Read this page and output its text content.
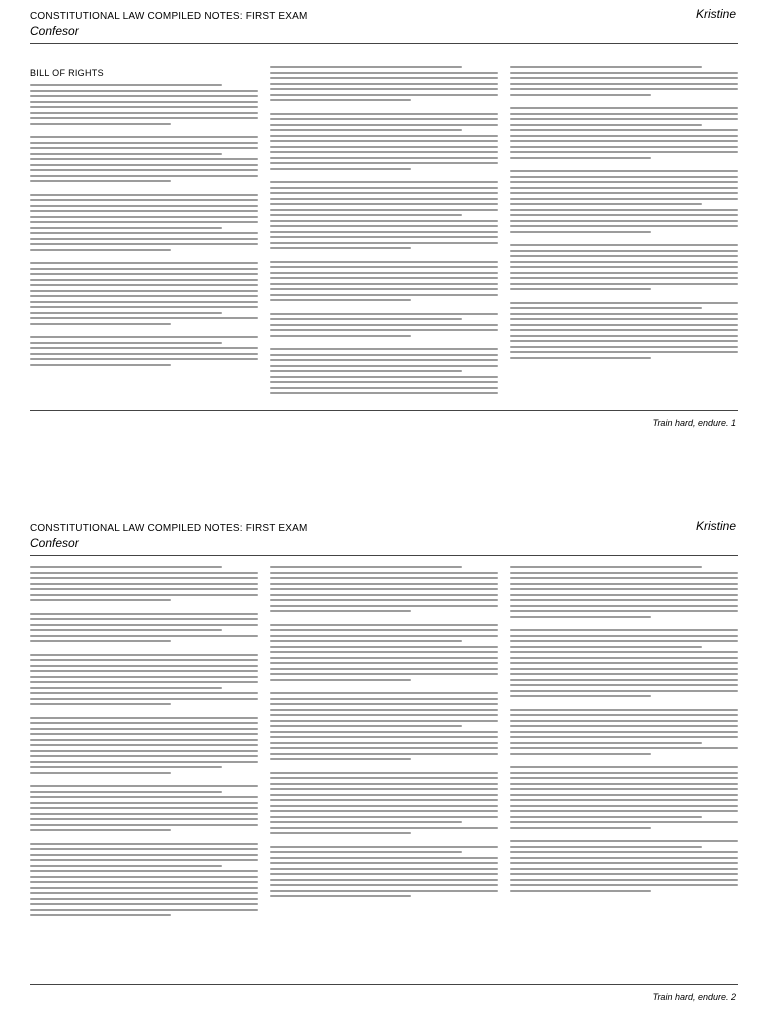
CONSTITUTIONAL LAW COMPILED NOTES: FIRST EXAM	Kristine
Confesor
BILL OF RIGHTS
Train hard, endure. 1
CONSTITUTIONAL LAW COMPILED NOTES: FIRST EXAM	Kristine
Confesor
Train hard, endure. 2
